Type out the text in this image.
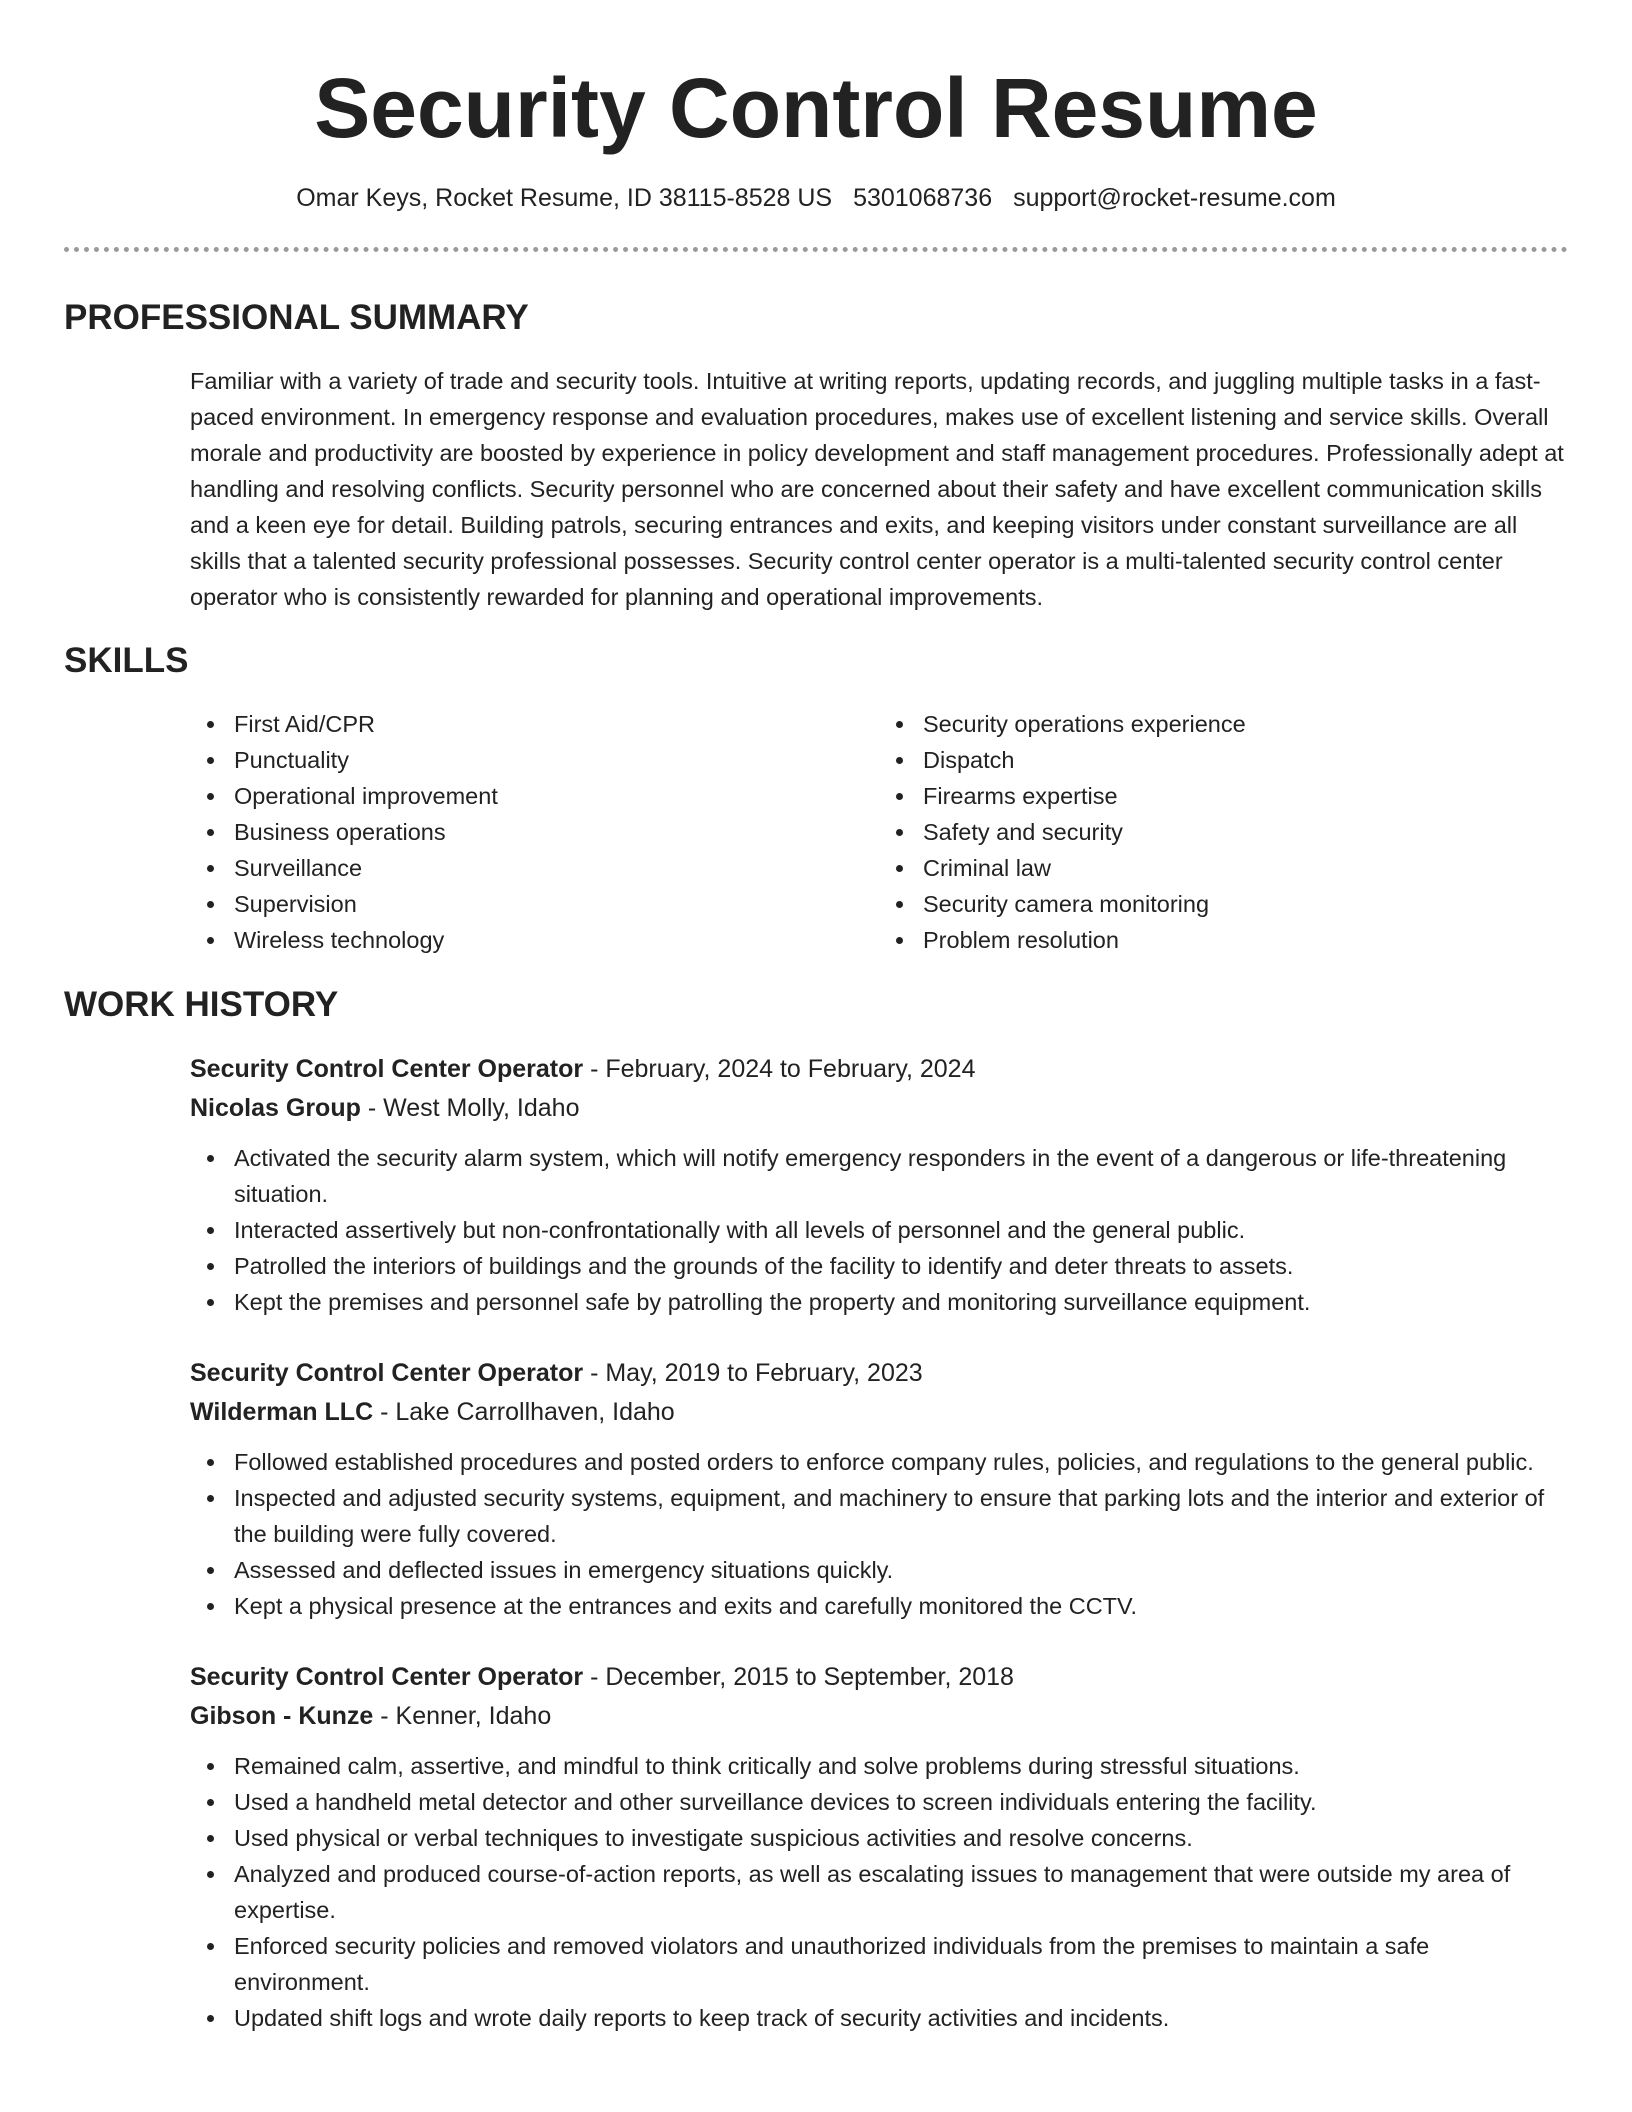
Security Control Resume
Omar Keys, Rocket Resume, ID 38115-8528 US 5301068736 support@rocket-resume.com
PROFESSIONAL SUMMARY

Familiar with a variety of trade and security tools. Intuitive at writing reports, updating records, and juggling multiple tasks in a fast-paced environment. In emergency response and evaluation procedures, makes use of excellent listening and service skills. Overall morale and productivity are boosted by experience in policy development and staff management procedures. Professionally adept at handling and resolving conflicts. Security personnel who are concerned about their safety and have excellent communication skills and a keen eye for detail. Building patrols, securing entrances and exits, and keeping visitors under constant surveillance are all skills that a talented security professional possesses. Security control center operator is a multi-talented security control center operator who is consistently rewarded for planning and operational improvements.

SKILLS
First Aid/CPR
Punctuality
Operational improvement
Business operations
Surveillance
Supervision
Wireless technology
Security operations experience
Dispatch
Firearms expertise
Safety and security
Criminal law
Security camera monitoring
Problem resolution
WORK HISTORY
Security Control Center Operator - February, 2024 to February, 2024
Nicolas Group - West Molly, Idaho
Activated the security alarm system, which will notify emergency responders in the event of a dangerous or life-threatening situation.
Interacted assertively but non-confrontationally with all levels of personnel and the general public.
Patrolled the interiors of buildings and the grounds of the facility to identify and deter threats to assets.
Kept the premises and personnel safe by patrolling the property and monitoring surveillance equipment.
Security Control Center Operator - May, 2019 to February, 2023
Wilderman LLC - Lake Carrollhaven, Idaho
Followed established procedures and posted orders to enforce company rules, policies, and regulations to the general public.
Inspected and adjusted security systems, equipment, and machinery to ensure that parking lots and the interior and exterior of the building were fully covered.
Assessed and deflected issues in emergency situations quickly.
Kept a physical presence at the entrances and exits and carefully monitored the CCTV.
Security Control Center Operator - December, 2015 to September, 2018
Gibson - Kunze - Kenner, Idaho
Remained calm, assertive, and mindful to think critically and solve problems during stressful situations.
Used a handheld metal detector and other surveillance devices to screen individuals entering the facility.
Used physical or verbal techniques to investigate suspicious activities and resolve concerns.
Analyzed and produced course-of-action reports, as well as escalating issues to management that were outside my area of expertise.
Enforced security policies and removed violators and unauthorized individuals from the premises to maintain a safe environment.
Updated shift logs and wrote daily reports to keep track of security activities and incidents.
